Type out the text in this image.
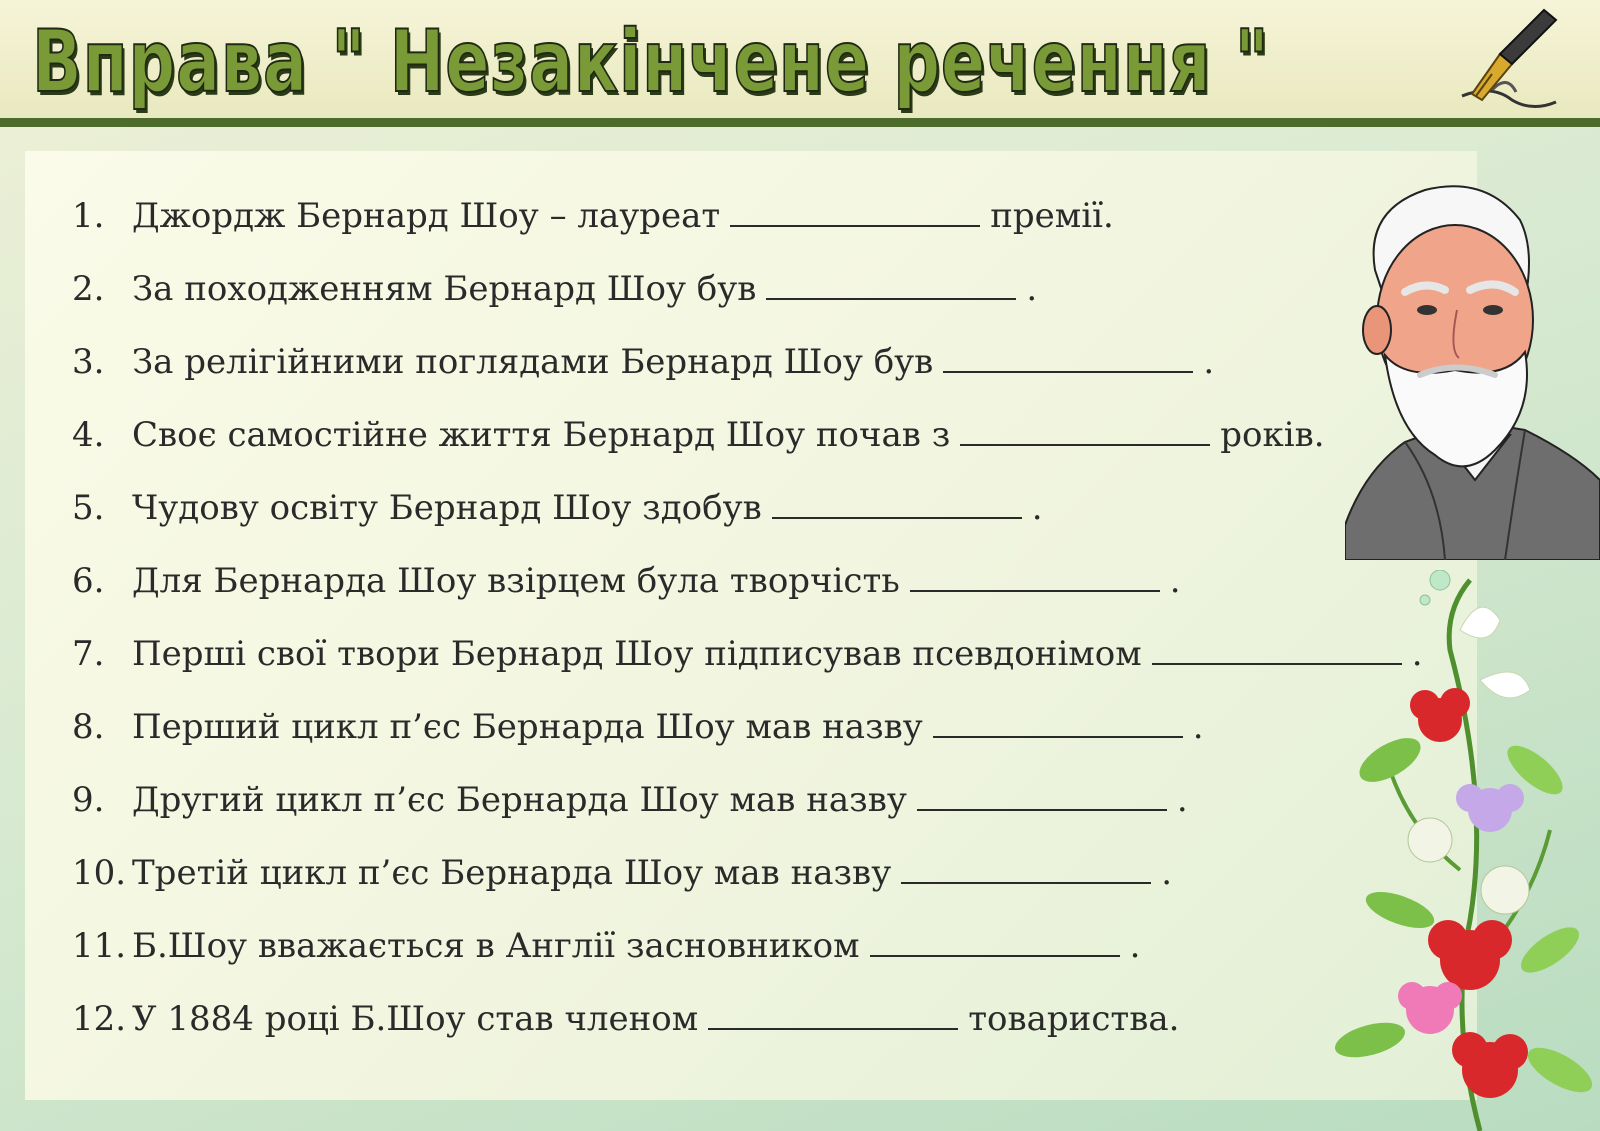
Вправа " Незакінчене речення "
1. Джордж Бернард Шоу – лауреат	премії.
2. За походженням Бернард Шоу був	.
3. За релігійними поглядами Бернард Шоу був	.
4. Своє самостійне життя Бернард Шоу почав з	років.
5. Чудову освіту Бернард Шоу здобув	.
6. Для Бернарда Шоу взірцем була творчість	.
7. Перші свої твори Бернард Шоу підписував псевдонімом	.
8. Перший цикл п’єс Бернарда Шоу мав назву	.
9. Другий цикл п’єс Бернарда Шоу мав назву	.
10. Третій цикл п’єс Бернарда Шоу мав назву	.
11. Б.Шоу вважається в Англії засновником	.
12. У 1884 році Б.Шоу став членом	товариства.
